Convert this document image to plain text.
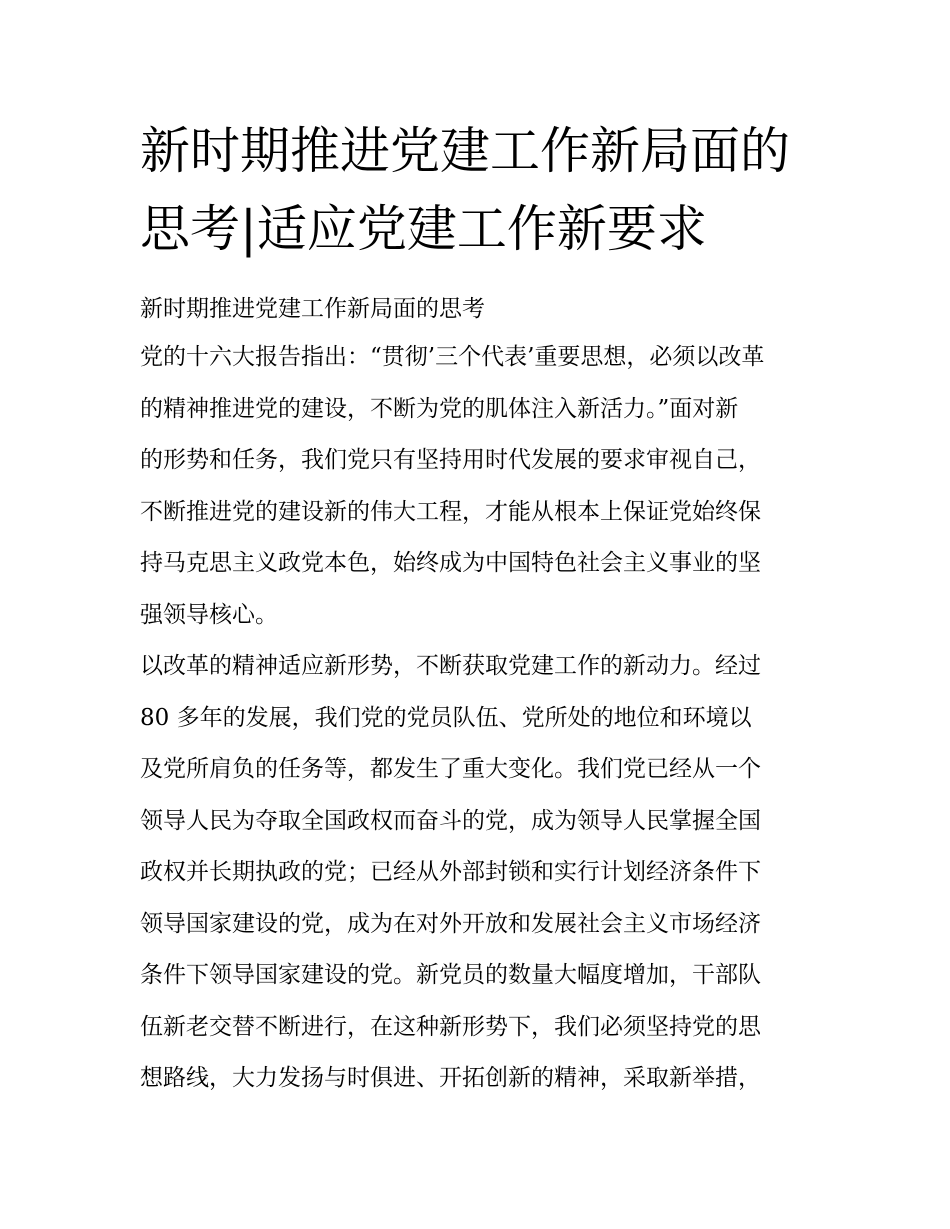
新时期推进党建工作新局面的
思考|适应党建工作新要求
新时期推进党建工作新局面的思考
党的十六大报告指出：“贯彻’三个代表’重要思想，必须以改革
的精神推进党的建设，不断为党的肌体注入新活力。”面对新
的形势和任务，我们党只有坚持用时代发展的要求审视自己，
不断推进党的建设新的伟大工程，才能从根本上保证党始终保
持马克思主义政党本色，始终成为中国特色社会主义事业的坚
强领导核心。
以改革的精神适应新形势，不断获取党建工作的新动力。经过
80 多年的发展，我们党的党员队伍、党所处的地位和环境以
及党所肩负的任务等，都发生了重大变化。我们党已经从一个
领导人民为夺取全国政权而奋斗的党，成为领导人民掌握全国
政权并长期执政的党；已经从外部封锁和实行计划经济条件下
领导国家建设的党，成为在对外开放和发展社会主义市场经济
条件下领导国家建设的党。新党员的数量大幅度增加，干部队
伍新老交替不断进行，在这种新形势下，我们必须坚持党的思
想路线，大力发扬与时俱进、开拓创新的精神，采取新举措，
